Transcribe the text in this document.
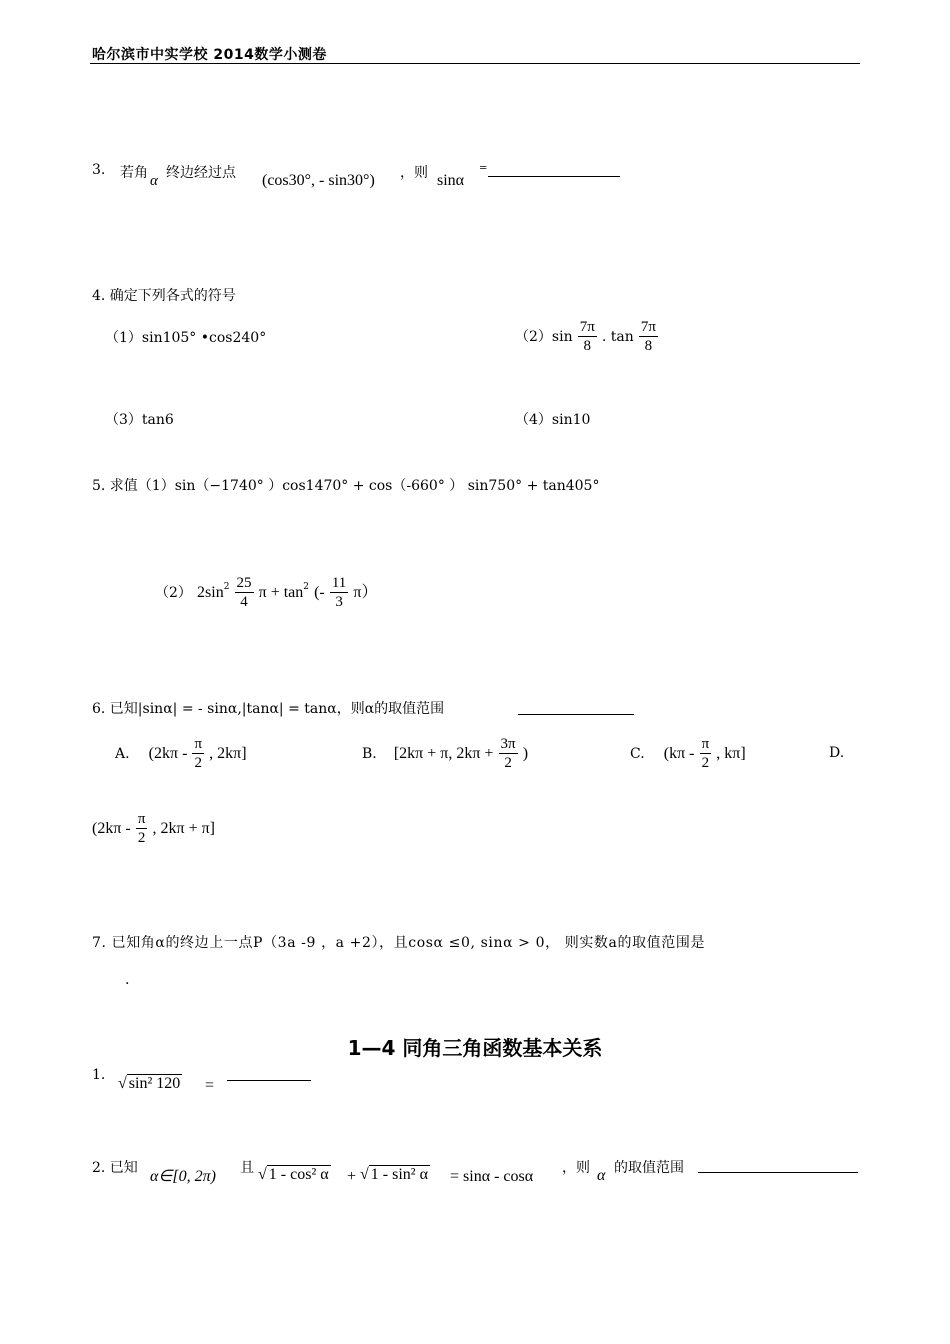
哈尔滨市中实学校 2014数学小测卷
3. 若角 α 终边经过点 (cos30°, - sin30°) ，则 sinα
=
4. 确定下列各式的符号
（1）sin105° •cos240°	$(2)\sin \frac{7\pi}{8}$ . $\tan \frac{7\pi}{8}$
（3）tan6	（4）sin10
5. 求值（1）sin（−1740° ）cos1470° + cos（-660° ） sin750° + tan405°
（2） $2\sin^2 \frac{25}{4}$ $\pi + \tan^2$ (- $\frac{11}{3} \pi$）
6. 已知|sinα| = - sinα,|tanα| = tanα，则α的取值范围
A. ($2k\pi - \frac{\pi}{2}$ , 2kπ]	B. [2kπ + π, $2k\pi + \frac{3\pi}{2}$ )	C. ($k\pi - \frac{\pi}{2}$ , kπ]	D.
($2k\pi - \frac{\pi}{2}$ , 2kπ + π]
7. 已知角α的终边上一点P（3a -9 ，a +2），且cosα ≤0, sinα > 0， 则实数a的取值范围是
.
1—4 同角三角函数基本关系
1. √ sin² 120 =
2. 已知 α∈[0, 2π) 且 √ 1 - cos² α + √ 1 - sin² α = sinα - cosα ，则 α 的取值范围
